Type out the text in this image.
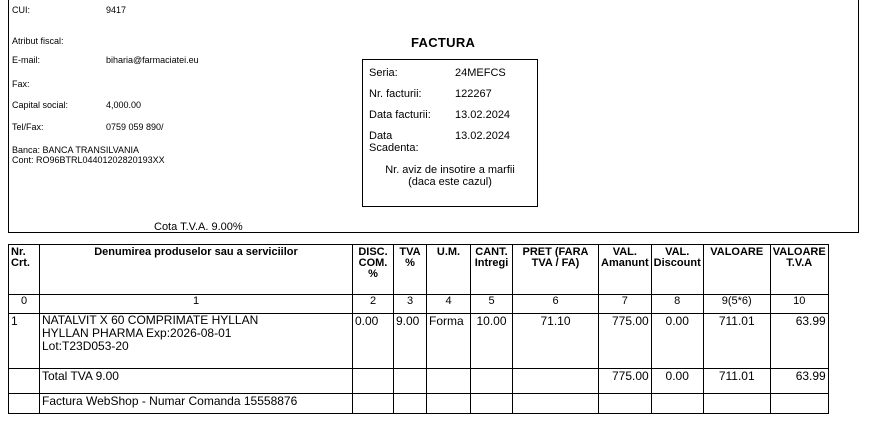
CUI:	9417
Atribut fiscal:
E-mail:	biharia@farmaciatei.eu
Fax:
Capital social:	4,000.00
Tel/Fax:	0759 059 890/
Banca: BANCA TRANSILVANIA
Cont: RO96BTRL04401202820193XX
FACTURA
Seria:	24MEFCS
Nr. facturii:	122267
Data facturii: 13.02.2024
Data
Scadenta:
13.02.2024
Nr. aviz de insotire a marfii
(daca este cazul)
Cota T.V.A. 9.00%
Nr. Crt.	Denumirea produselor sau a serviciilor	DISC. COM. %	TVA %	U.M.	CANT. Intregi	PRET (FARA TVA / FA)	VAL. Amanunt	VAL. Discount	VALOARE	VALOARE T.V.A
0	1	2	3	4	5	6	7	8	9(5*6)	10
1	NATALVIT X 60 COMPRIMATE HYLLAN
HYLLAN PHARMA Exp:2026-08-01
Lot:T23D053-20	0.00	9.00	Forma	10.00	71.10	775.00	0.00	711.01	63.99
	Total TVA 9.00						775.00	0.00	711.01	63.99
	Factura WebShop - Numar Comanda 15558876									
